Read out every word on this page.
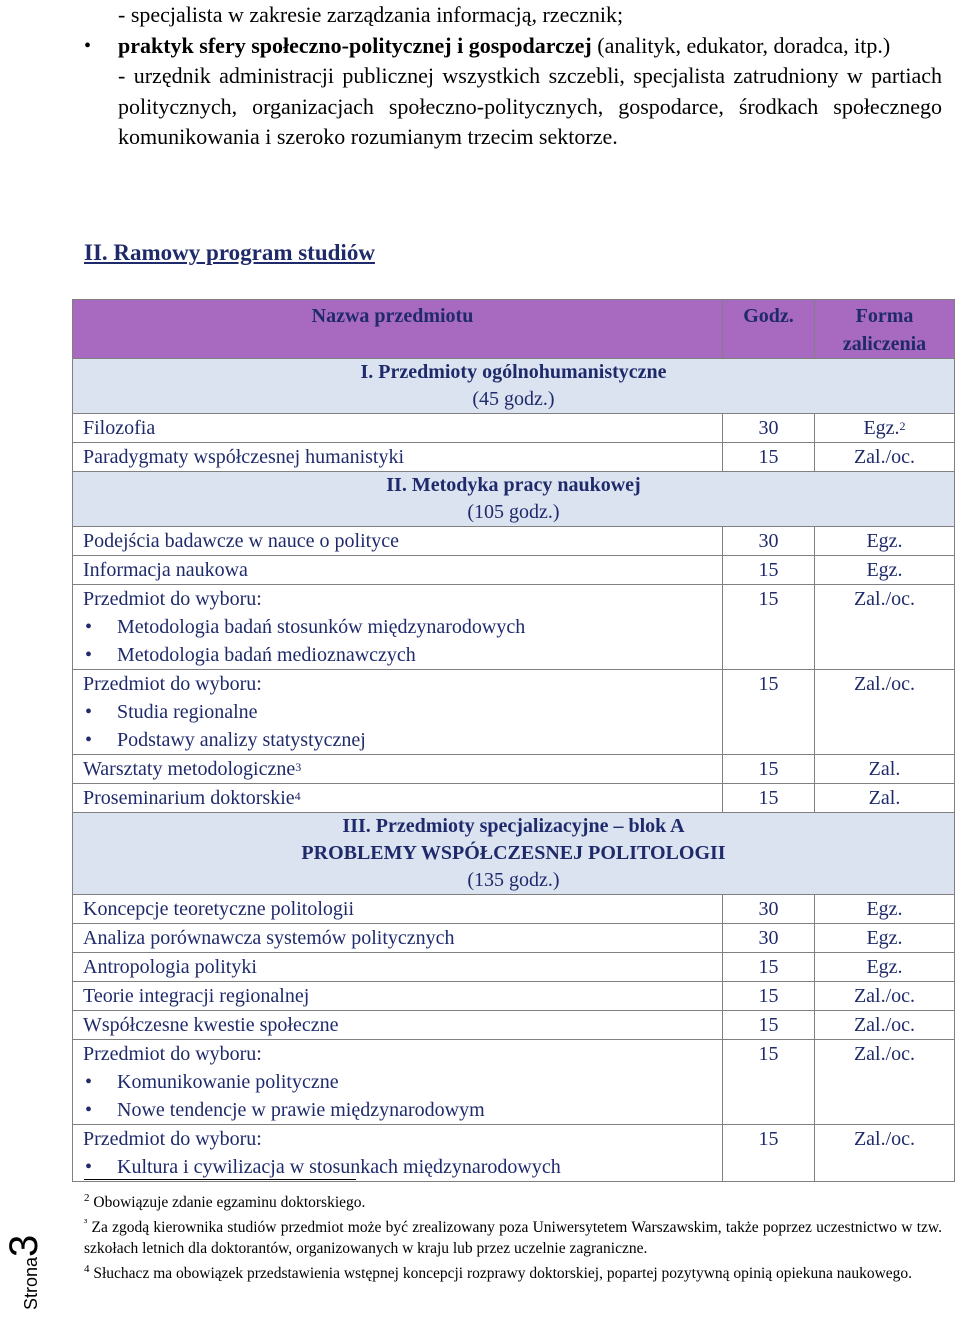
- specjalista w zakresie zarządzania informacją, rzecznik;

• praktyk sfery społeczno-politycznej i gospodarczej (analityk, edukator, doradca, itp.)

- urzędnik administracji publicznej wszystkich szczebli, specjalista zatrudniony w partiach politycznych, organizacjach społeczno-politycznych, gospodarce, środkach społecznego komunikowania i szeroko rozumianym trzecim sektorze.

II. Ramowy program studiów
Nazwa przedmiotu	Godz.	Forma zaliczenia

I. Przedmioty ogólnohumanistyczne
(45 godz.)		

Filozofia	30	Egz.$^2$
Paradygmaty współczesnej humanistyki	15	Zal./oc.

II. Metodyka pracy naukowej
(105 godz.)		

Podejścia badawcze w nauce o polityce	30	Egz.
Informacja naukowa	15	Egz.
Przedmiot do wyboru:
• Metodologia badań stosunków międzynarodowych
• Metodologia badań medioznawczych	15	Zal./oc.
Przedmiot do wyboru:
• Studia regionalne
• Podstawy analizy statystycznej	15	Zal./oc.
Warsztaty metodologiczne$^3$	15	Zal.
Proseminarium doktorskie$^4$	15	Zal.

III. Przedmioty specjalizacyjne – blok A
PROBLEMY WSPÓŁCZESNEJ POLITOLOGII
(135 godz.)		

Koncepcje teoretyczne politologii	30	Egz.
Analiza porównawcza systemów politycznych	30	Egz.
Antropologia polityki	15	Egz.
Teorie integracji regionalnej	15	Zal./oc.
Współczesne kwestie społeczne	15	Zal./oc.
Przedmiot do wyboru:
• Komunikowanie polityczne
• Nowe tendencje w prawie międzynarodowym	15	Zal./oc.
Przedmiot do wyboru:
• Kultura i cywilizacja w stosunkach międzynarodowych	15	Zal./oc.

$^2$ Obowiązuje zdanie egzaminu doktorskiego.

$^{^3}$ Za zgodą kierownika studiów przedmiot może być zrealizowany poza Uniwersytetem Warszawskim, także poprzez uczestnictwo w tzw. szkołach letnich dla doktorantów, organizowanych w kraju lub przez uczelnie zagraniczne.

$^4$ Słuchacz ma obowiązek przedstawienia wstępnej koncepcji rozprawy doktorskiej, popartej pozytywną opinią opiekuna naukowego.

Strona3
